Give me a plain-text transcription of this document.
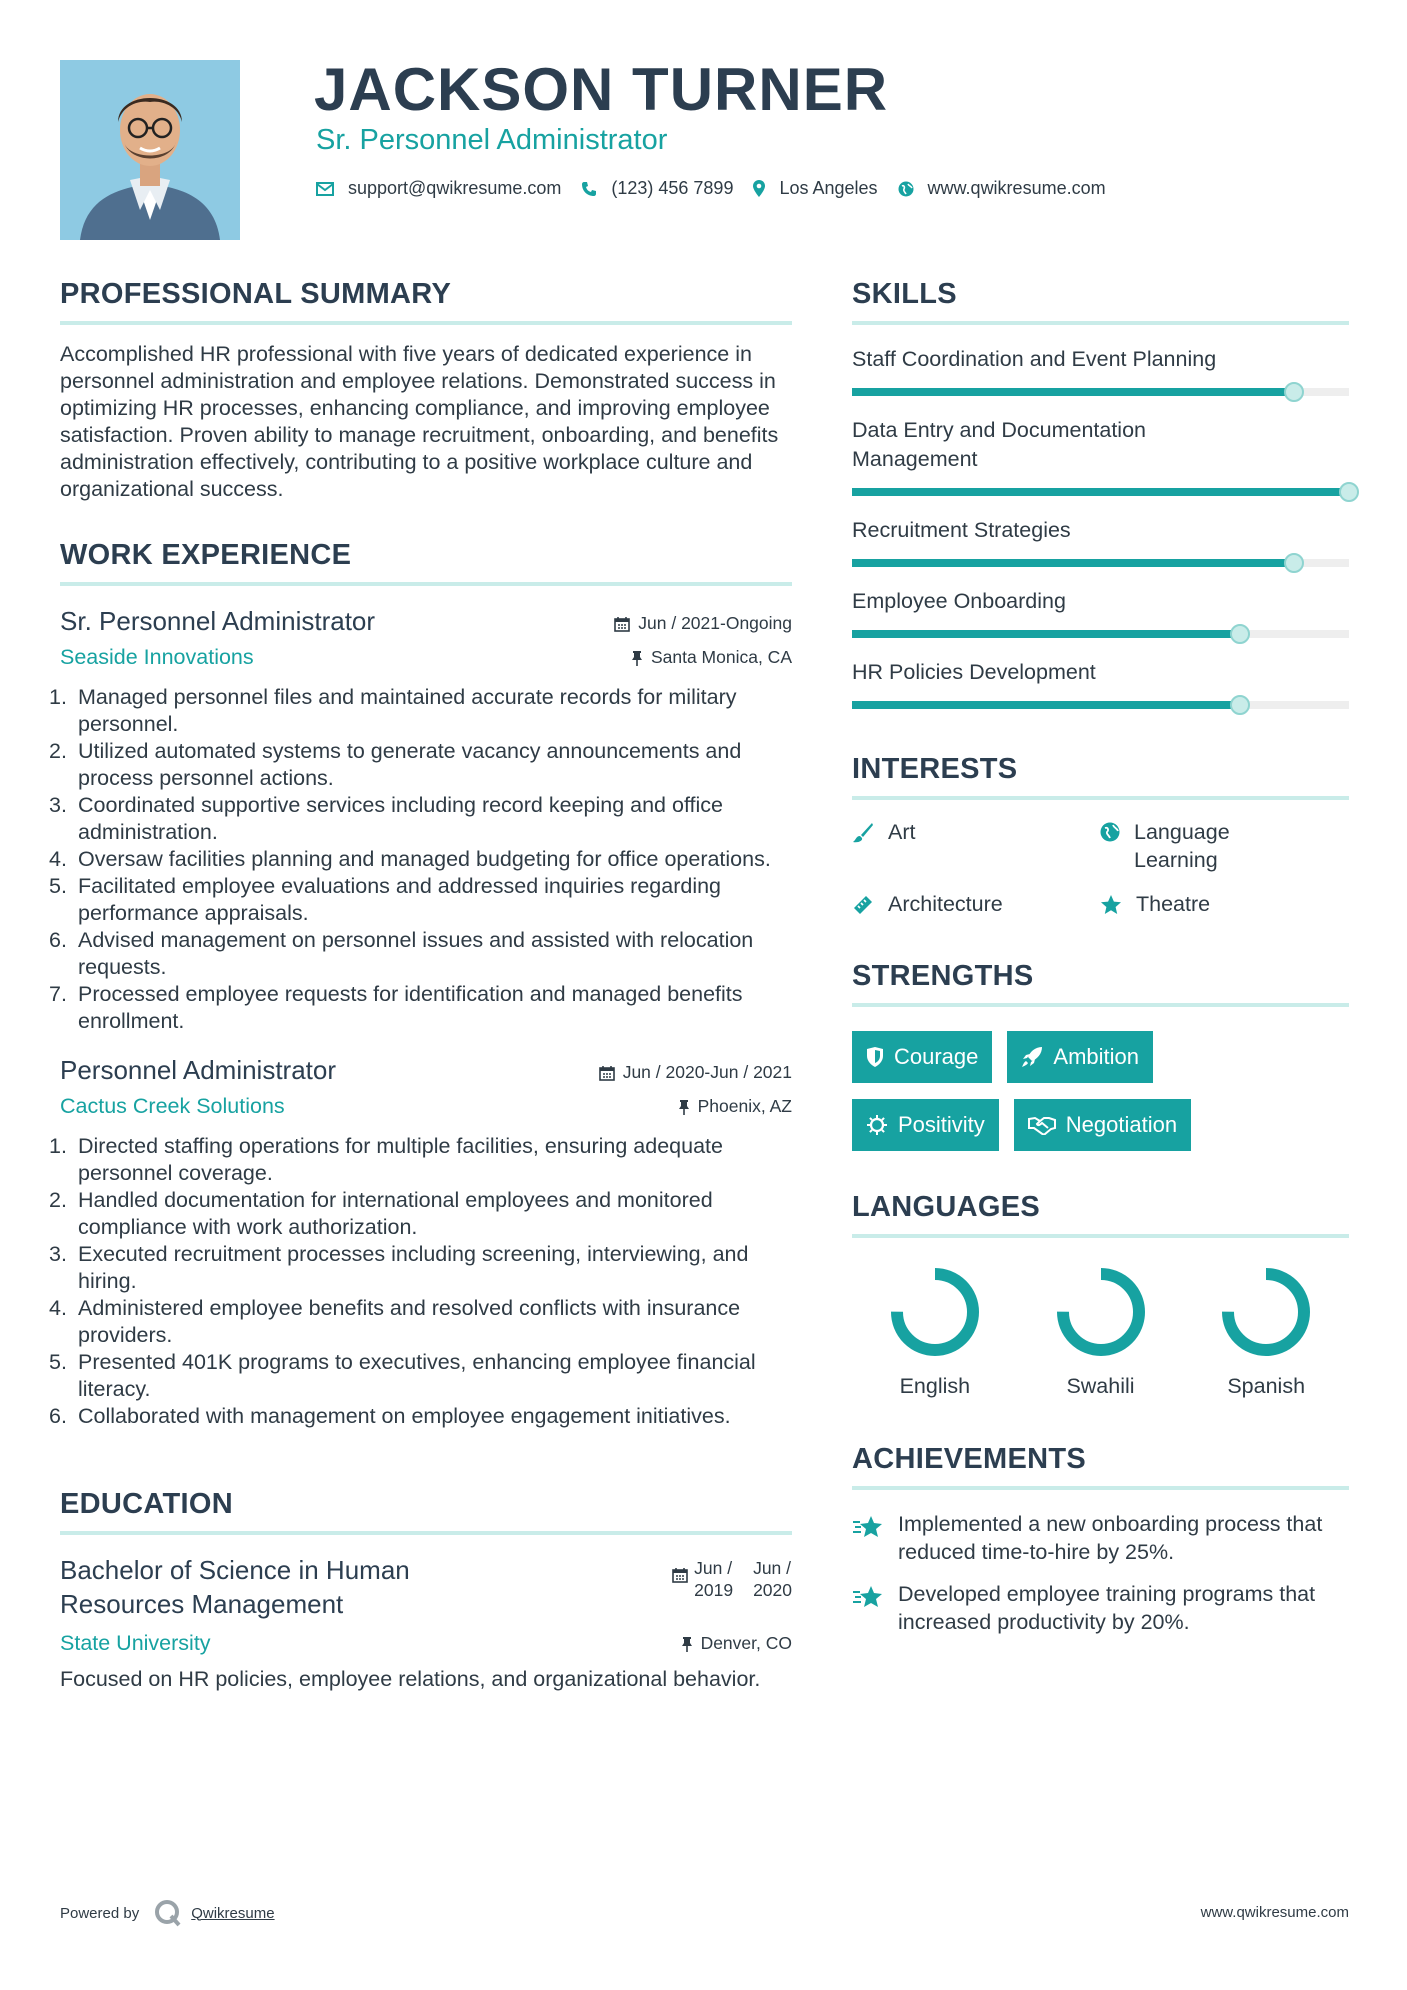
JACKSON TURNER
Sr. Personnel Administrator
support@qwikresume.com	(123) 456 7899	Los Angeles	www.qwikresume.com
PROFESSIONAL SUMMARY
Accomplished HR professional with five years of dedicated experience in personnel administration and employee relations. Demonstrated success in optimizing HR processes, enhancing compliance, and improving employee satisfaction. Proven ability to manage recruitment, onboarding, and benefits administration effectively, contributing to a positive workplace culture and organizational success.
WORK EXPERIENCE
Sr. Personnel Administrator	Jun / 2021-Ongoing
Seaside Innovations	Santa Monica, CA
Managed personnel files and maintained accurate records for military personnel.
Utilized automated systems to generate vacancy announcements and process personnel actions.
Coordinated supportive services including record keeping and office administration.
Oversaw facilities planning and managed budgeting for office operations.
Facilitated employee evaluations and addressed inquiries regarding performance appraisals.
Advised management on personnel issues and assisted with relocation requests.
Processed employee requests for identification and managed benefits enrollment.
Personnel Administrator	Jun / 2020-Jun / 2021
Cactus Creek Solutions	Phoenix, AZ
Directed staffing operations for multiple facilities, ensuring adequate personnel coverage.
Handled documentation for international employees and monitored compliance with work authorization.
Executed recruitment processes including screening, interviewing, and hiring.
Administered employee benefits and resolved conflicts with insurance providers.
Presented 401K programs to executives, enhancing employee financial literacy.
Collaborated with management on employee engagement initiatives.
EDUCATION
Bachelor of Science in Human Resources Management
Jun /
2019
Jun /
2020
State University	Denver, CO
Focused on HR policies, employee relations, and organizational behavior.
SKILLS
Staff Coordination and Event Planning
Data Entry and Documentation Management
Recruitment Strategies
Employee Onboarding
HR Policies Development
INTERESTS
Art	Language Learning
Architecture	Theatre
STRENGTHS
Courage	Ambition
Positivity	Negotiation
LANGUAGES
English	Swahili	Spanish
ACHIEVEMENTS
Implemented a new onboarding process that reduced time-to-hire by 25%.
Developed employee training programs that increased productivity by 20%.
Powered by	Qwikresume	www.qwikresume.com
